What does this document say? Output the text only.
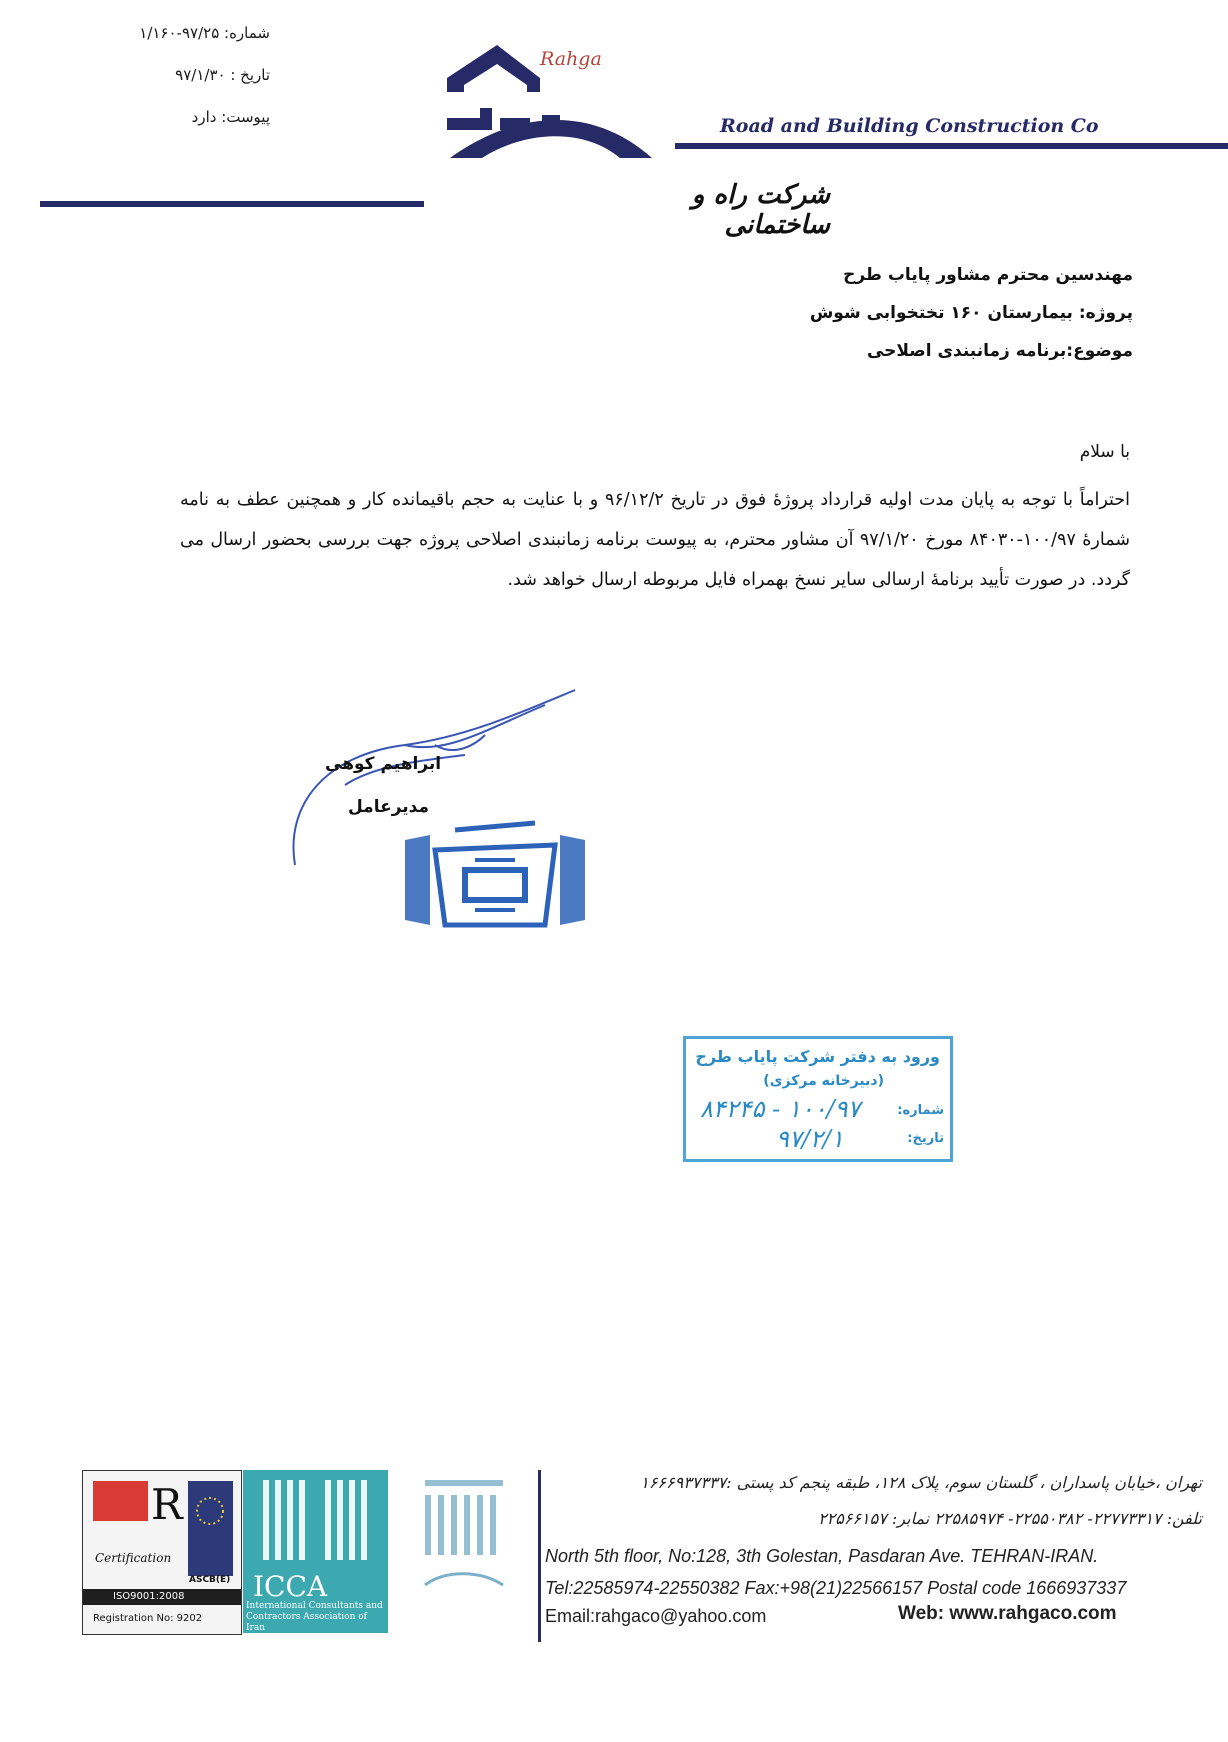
شماره: ۹۷/۲۵-۱/۱۶۰
تاریخ : ۹۷/۱/۳۰
پیوست: دارد
Rahga
Road and Building Construction Co
شرکت راه و ساختمانی
مهندسین محترم مشاور پایاب طرح
پروژه: بیمارستان ۱۶۰ تختخوابی شوش
موضوع:برنامه زمانبندی اصلاحی
با سلام
احتراماً با توجه به پایان مدت اولیه قرارداد پروژهٔ فوق در تاریخ ۹۶/۱۲/۲ و با عنایت به حجم باقیمانده کار و همچنین عطف به نامه شمارهٔ ۱۰۰/۹۷-۸۴۰۳۰ مورخ ۹۷/۱/۲۰ آن مشاور محترم، به پیوست برنامه زمانبندی اصلاحی پروژه جهت بررسی بحضور ارسال می گردد. در صورت تأیید برنامهٔ ارسالی سایر نسخ بهمراه فایل مربوطه ارسال خواهد شد.
ابراهیم کوهی
مدیرعامل
ورود به دفتر شرکت پایاب طرح
(دبیرخانه مرکزی)
شماره:
تاریخ:
۱۰۰/۹۷ - ۸۴۲۴۵
۹۷/۲/۱
R
Certification
ASCB(E)
ISO9001:2008
Registration No: 9202
ICCA
International Consultants and Contractors Association of Iran
تهران ،خیابان پاسداران ، گلستان سوم، پلاک ۱۲۸، طبقه پنجم کد پستی :۱۶۶۶۹۳۷۳۳۷
تلفن: ۲۲۷۷۳۳۱۷- ۲۲۵۵۰۳۸۲- ۲۲۵۸۵۹۷۴ نمابر: ۲۲۵۶۶۱۵۷
North 5th floor, No:128, 3th Golestan, Pasdaran Ave. TEHRAN-IRAN.
Tel:22585974-22550382 Fax:+98(21)22566157 Postal code 1666937337
Email:rahgaco@yahoo.com	Web: www.rahgaco.com
